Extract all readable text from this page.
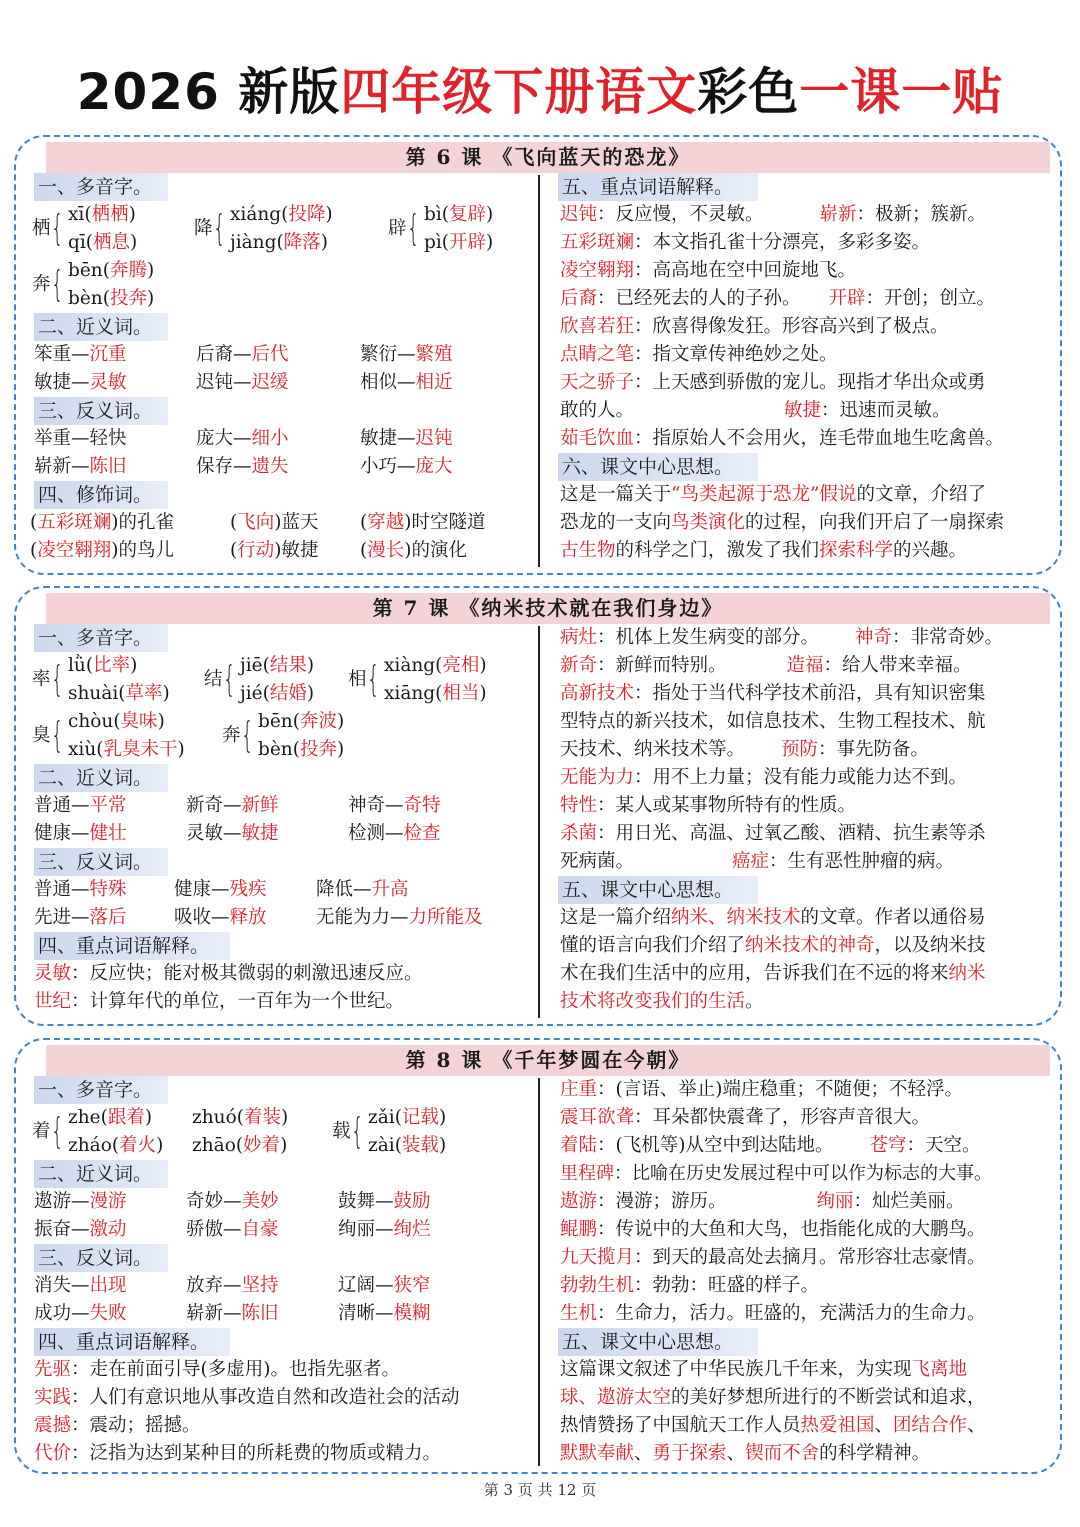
2026 新版四年级下册语文彩色一课一贴
第 6 课 《飞向蓝天的恐龙》
一、多音字。
栖 { xī(栖栖)
qī(栖息)
降 { xiáng(投降)
jiàng(降落)
辟 { bì(复辟)
pì(开辟)
奔 { bēn(奔腾)
bèn(投奔)
二、近义词。
笨重—沉重	后裔—后代	繁衍—繁殖
敏捷—灵敏	迟钝—迟缓	相似—相近
三、反义词。
举重—轻快	庞大—细小	敏捷—迟钝
崭新—陈旧	保存—遗失	小巧—庞大
四、修饰词。
(五彩斑斓)的孔雀	(飞向)蓝天 (穿越)时空隧道
(凌空翱翔)的鸟儿	(行动)敏捷 (漫长)的演化
五、重点词语解释。
迟钝：反应慢，不灵敏。	崭新：极新；簇新。
五彩斑斓：本文指孔雀十分漂亮，多彩多姿。
凌空翱翔：高高地在空中回旋地飞。
后裔：已经死去的人的子孙。 开辟：开创；创立。
欣喜若狂：欣喜得像发狂。形容高兴到了极点。
点睛之笔：指文章传神绝妙之处。
天之骄子：上天感到骄傲的宠儿。现指才华出众或勇
敢的人。	敏捷：迅速而灵敏。
茹毛饮血：指原始人不会用火，连毛带血地生吃禽兽。
六、课文中心思想。
这是一篇关于“鸟类起源于恐龙”假说的文章，介绍了
恐龙的一支向鸟类演化的过程，向我们开启了一扇探索
古生物的科学之门，激发了我们探索科学的兴趣。
第 7 课 《纳米技术就在我们身边》
一、多音字。
率 { lǜ(比率)
shuài(草率)
结 { jiē(结果)
jié(结婚)
相 { xiàng(亮相)
xiāng(相当)
臭 { chòu(臭味)
xiù(乳臭未干)
奔 { bēn(奔波)
bèn(投奔)
二、近义词。
普通—平常	新奇—新鲜	神奇—奇特
健康—健壮	灵敏—敏捷	检测—检查
三、反义词。
普通—特殊	健康—残疾	降低—升高
先进—落后	吸收—释放	无能为力—力所能及
四、重点词语解释。
灵敏：反应快；能对极其微弱的刺激迅速反应。
世纪：计算年代的单位，一百年为一个世纪。
病灶：机体上发生病变的部分。 神奇：非常奇妙。
新奇：新鲜而特别。	造福：给人带来幸福。
高新技术：指处于当代科学技术前沿，具有知识密集
型特点的新兴技术，如信息技术、生物工程技术、航
天技术、纳米技术等。 预防：事先防备。
无能为力：用不上力量；没有能力或能力达不到。
特性：某人或某事物所特有的性质。
杀菌：用日光、高温、过氧乙酸、酒精、抗生素等杀
死病菌。	癌症：生有恶性肿瘤的病。
五、课文中心思想。
这是一篇介绍纳米、纳米技术的文章。作者以通俗易
懂的语言向我们介绍了纳米技术的神奇，以及纳米技
术在我们生活中的应用，告诉我们在不远的将来纳米
技术将改变我们的生活。
第 8 课 《千年梦圆在今朝》
一、多音字。
着 { zhe(跟着)
zháo(着火)
zhuó(着装)
zhāo(妙着)
载 { zǎi(记载)
zài(装载)
二、近义词。
遨游—漫游	奇妙—美妙	鼓舞—鼓励
振奋—激动	骄傲—自豪	绚丽—绚烂
三、反义词。
消失—出现	放弃—坚持	辽阔—狭窄
成功—失败	崭新—陈旧	清晰—模糊
四、重点词语解释。
先驱：走在前面引导(多虚用)。也指先驱者。
实践：人们有意识地从事改造自然和改造社会的活动
震撼：震动；摇撼。
代价：泛指为达到某种目的所耗费的物质或精力。
庄重：(言语、举止)端庄稳重；不随便；不轻浮。
震耳欲聋：耳朵都快震聋了，形容声音很大。
着陆：(飞机等)从空中到达陆地。 苍穹：天空。
里程碑：比喻在历史发展过程中可以作为标志的大事。
遨游：漫游；游历。	绚丽：灿烂美丽。
鲲鹏：传说中的大鱼和大鸟，也指能化成的大鹏鸟。
九天揽月：到天的最高处去摘月。常形容壮志豪情。
勃勃生机：勃勃：旺盛的样子。
生机：生命力，活力。旺盛的，充满活力的生命力。
五、课文中心思想。
这篇课文叙述了中华民族几千年来，为实现飞离地
球、遨游太空的美好梦想所进行的不断尝试和追求，
热情赞扬了中国航天工作人员热爱祖国、团结合作、
默默奉献、勇于探索、锲而不舍的科学精神。
第 3 页 共 12 页
